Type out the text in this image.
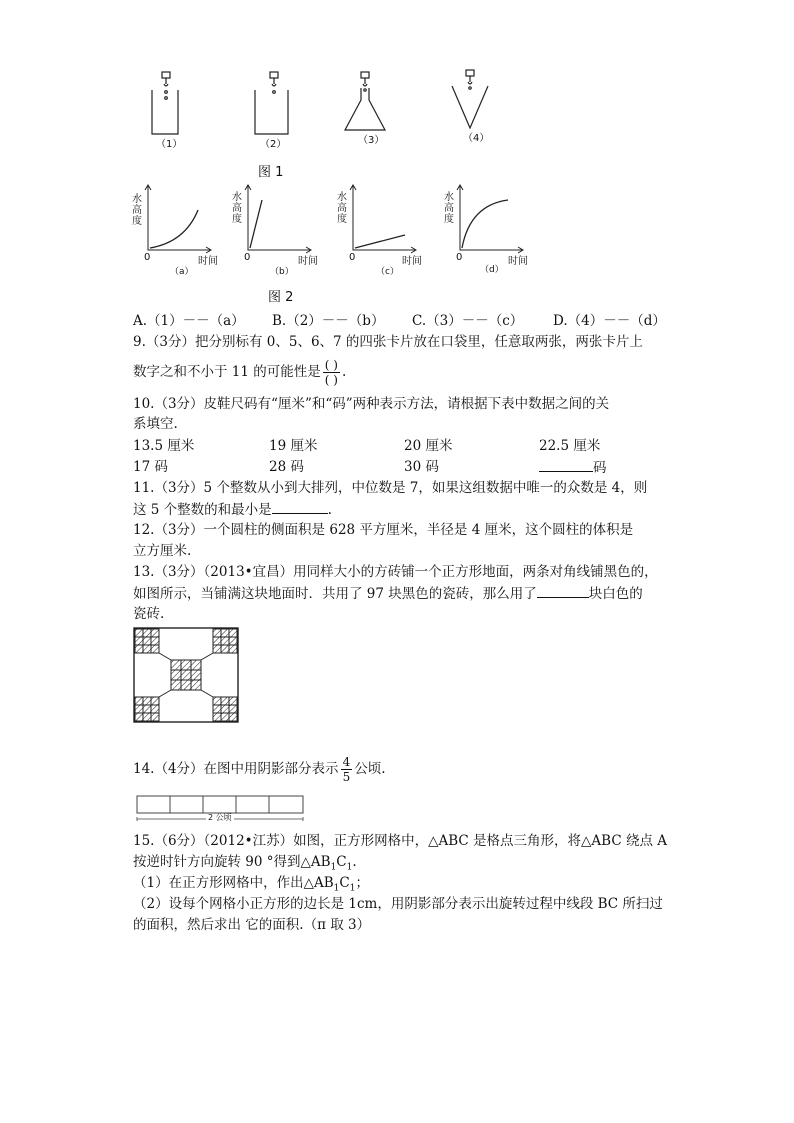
（1）	（2）	（3）	（4）
图 1
水
高
度
水
高
度
水
高
度
水
高
度
0	0	0	0
时间	时间	时间	时间
（a）	（b）	（c）	（d）
图 2
A.（1）－－（a） B.（2）－－（b） C.（3）－－（c） D.（4）－－（d）
9.（3分）把分别标有 0、5、6、7 的四张卡片放在口袋里，任意取两张，两张卡片上
数字之和不小于 11 的可能性是 $\frac{( )}{( )}$ .
10.（3分）皮鞋尺码有“厘米”和“码”两种表示方法，请根据下表中数据之间的关
系填空.
13.5 厘米	19 厘米	20 厘米	22.5 厘米
17 码	28 码	30 码	码
11.（3分）5 个整数从小到大排列，中位数是 7，如果这组数据中唯一的众数是 4，则
这 5 个整数的和最小是	.
12.（3分）一个圆柱的侧面积是 628 平方厘米，半径是 4 厘米，这个圆柱的体积是
立方厘米.
13.（3分）（2013•宜昌）用同样大小的方砖铺一个正方形地面，两条对角线铺黑色的，
如图所示，当铺满这块地面时．共用了 97 块黑色的瓷砖，那么用了	块白色的
瓷砖.
14.（4分）在图中用阴影部分表示 $\frac{4}{5}$ 公顷.
2 公顷
15.（6分）（2012•江苏）如图，正方形网格中，△ABC 是格点三角形，将△ABC 绕点 A
按逆时针方向旋转 90 °得到$\triangle AB_1C_1$.
（1）在正方形网格中，作出$\triangle AB_1C_1$；
（2）设每个网格小正方形的边长是 1cm，用阴影部分表示出旋转过程中线段 BC 所扫过
的面积，然后求出 它的面积.（π 取 3）
